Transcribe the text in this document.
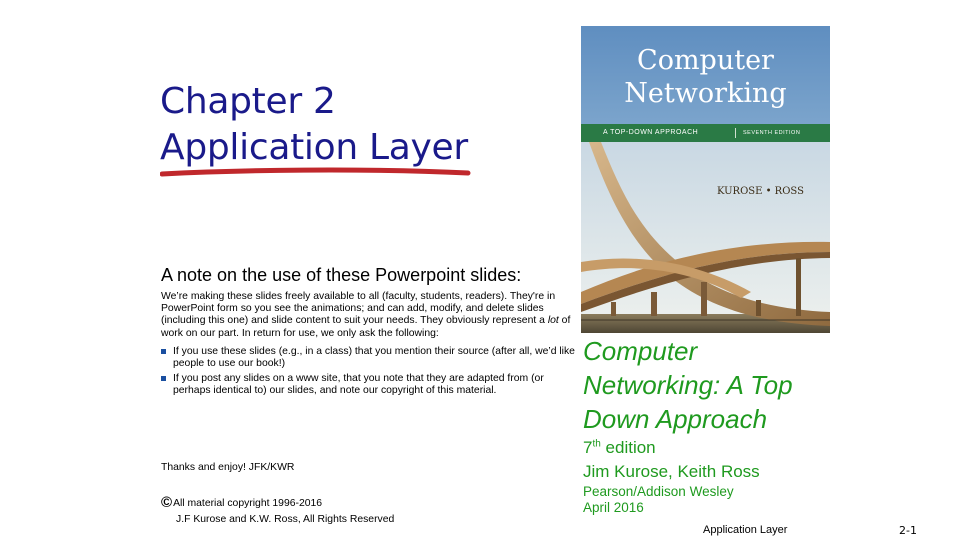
Chapter 2
Application Layer
A note on the use of these Powerpoint slides:

We’re making these slides freely available to all (faculty, students, readers). They're in PowerPoint form so you see the animations; and can add, modify, and delete slides (including this one) and slide content to suit your needs. They obviously represent a lot of work on our part. In return for use, we only ask the following:

If you use these slides (e.g., in a class) that you mention their source (after all, we’d like people to use our book!)
If you post any slides on a www site, that you note that they are adapted from (or perhaps identical to) our slides, and note our copyright of this material.
Thanks and enjoy! JFK/KWR
©All material copyright 1996-2016
J.F Kurose and K.W. Ross, All Rights Reserved
Computer
Networking
A TOP-DOWN APPROACH	SEVENTH EDITION
KUROSE • ROSS
Computer
Networking: A Top
Down Approach
7th edition
Jim Kurose, Keith Ross
Pearson/Addison Wesley
April 2016
Application Layer	2-1
